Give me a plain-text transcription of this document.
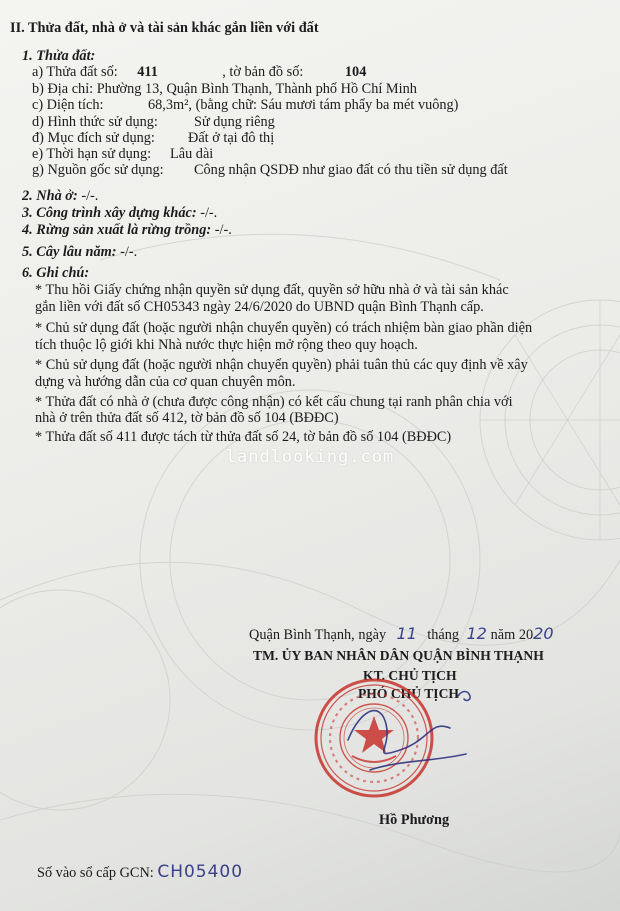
II. Thửa đất, nhà ở và tài sản khác gắn liền với đất
1. Thửa đất:
a) Thửa đất số: 411	, tờ bản đồ số:	104
b) Địa chỉ: Phường 13, Quận Bình Thạnh, Thành phố Hồ Chí Minh
c) Diện tích:	68,3m², (bằng chữ: Sáu mươi tám phẩy ba mét vuông)
d) Hình thức sử dụng:	Sử dụng riêng
đ) Mục đích sử dụng: Đất ở tại đô thị
e) Thời hạn sử dụng: Lâu dài
g) Nguồn gốc sử dụng: Công nhận QSDĐ như giao đất có thu tiền sử dụng đất
2. Nhà ở: -/-.
3. Công trình xây dựng khác: -/-.
4. Rừng sản xuất là rừng trồng: -/-.
5. Cây lâu năm: -/-.
6. Ghi chú:
* Thu hồi Giấy chứng nhận quyền sử dụng đất, quyền sở hữu nhà ở và tài sản khác
gắn liền với đất số CH05343 ngày 24/6/2020 do UBND quận Bình Thạnh cấp.
* Chủ sử dụng đất (hoặc người nhận chuyển quyền) có trách nhiệm bàn giao phần diện
tích thuộc lộ giới khi Nhà nước thực hiện mở rộng theo quy hoạch.
* Chủ sử dụng đất (hoặc người nhận chuyển quyền) phải tuân thủ các quy định về xây
dựng và hướng dẫn của cơ quan chuyên môn.
* Thửa đất có nhà ở (chưa được công nhận) có kết cấu chung tại ranh phân chia với
nhà ở trên thửa đất số 412, tờ bản đồ số 104 (BĐĐC)
* Thửa đất số 411 được tách từ thửa đất số 24, tờ bản đồ số 104 (BĐĐC)
landlooking.com
Quận Bình Thạnh, ngày 11 tháng 12 năm 2020
TM. ỦY BAN NHÂN DÂN QUẬN BÌNH THẠNH
KT. CHỦ TỊCH
PHÓ CHỦ TỊCH
Hồ Phương
Số vào sổ cấp GCN: CH05400
